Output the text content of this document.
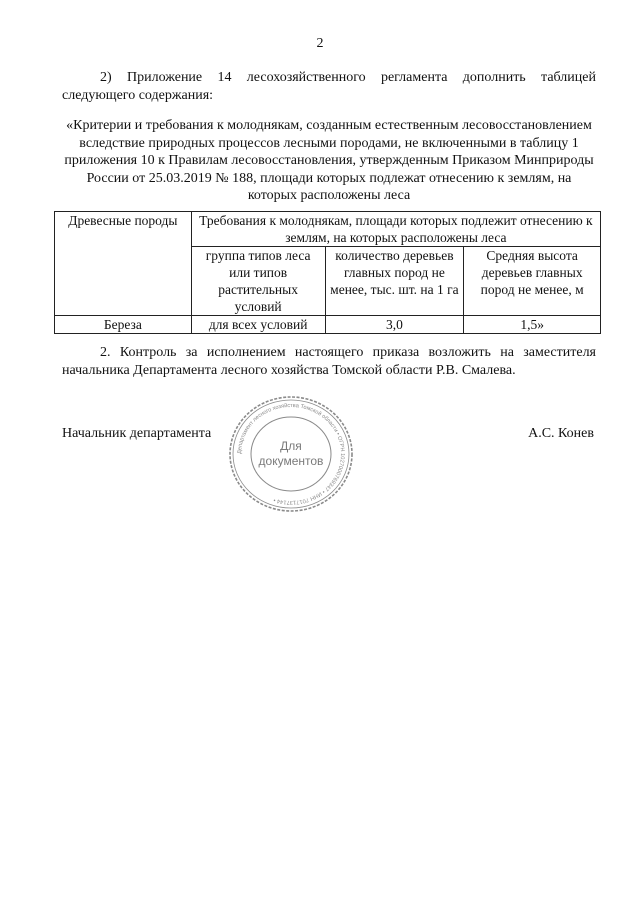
2
2) Приложение 14 лесохозяйственного регламента дополнить таблицей следующего содержания:
«Критерии и требования к молоднякам, созданным естественным лесовосстановлением вследствие природных процессов лесными породами, не включенными в таблицу 1 приложения 10 к Правилам лесовосстановления, утвержденным Приказом Минприроды России от 25.03.2019 № 188, площади которых подлежат отнесению к землям, на которых расположены леса
Древесные породы	Требования к молоднякам, площади которых подлежит отнесению к землям, на которых расположены леса		
	группа типов леса или типов растительных условий	количество деревьев главных пород не менее, тыс. шт. на 1 га	Средняя высота деревьев главных пород не менее, м
Береза	для всех условий	3,0	1,5»
2. Контроль за исполнением настоящего приказа возложить на заместителя начальника Департамента лесного хозяйства Томской области Р.В. Смалева.
Начальник департамента	А.С. Конев
Департамент лесного хозяйства Томской области • ОГРН 1027000769347 • ИНН 7017137144 •
Для
документов
